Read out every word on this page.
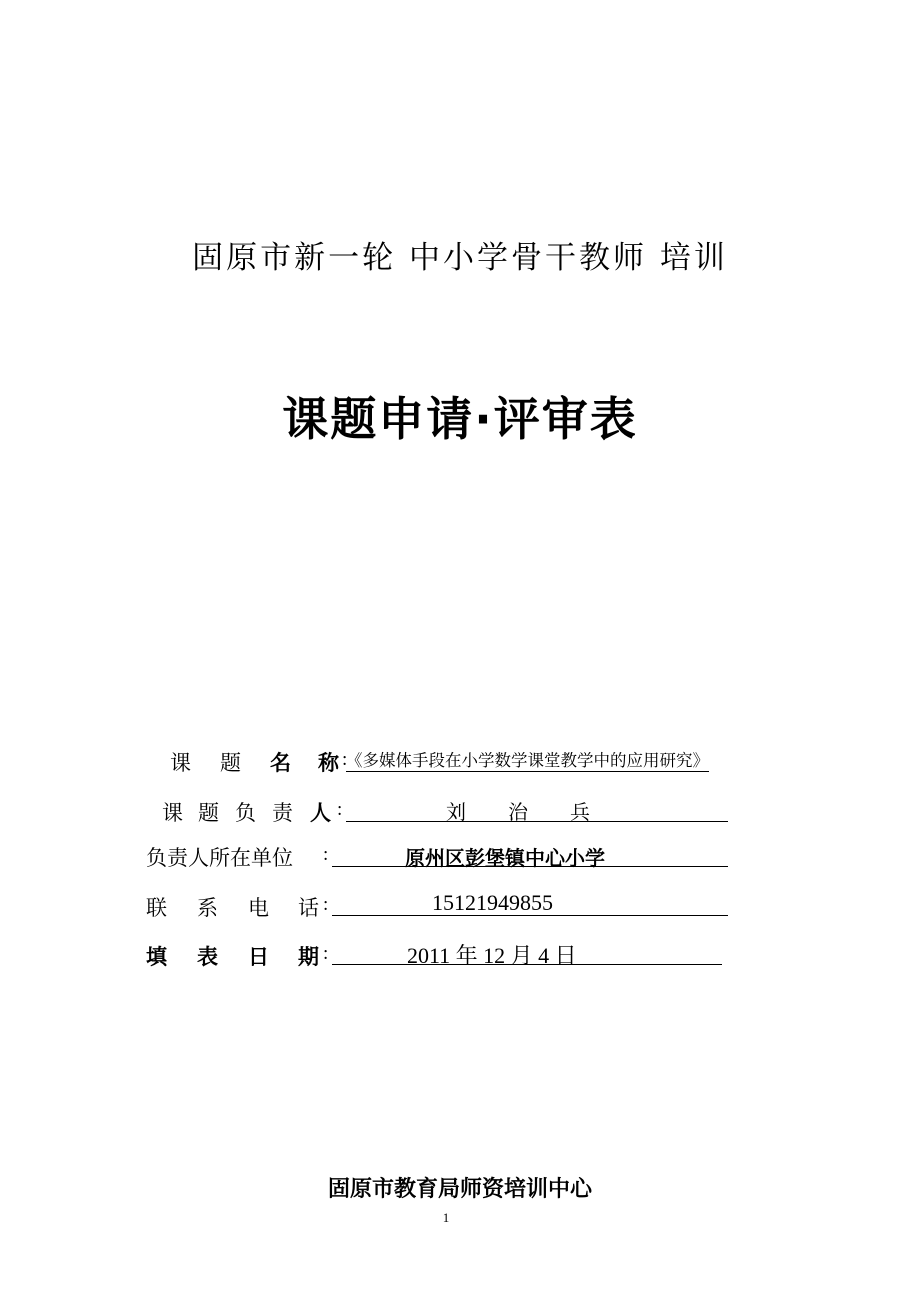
固原市新一轮 中小学骨干教师 培训
课题申请·评审表
课 题 名 称 :
《多媒体手段在小学数学课堂教学中的应用研究》
课 题 负 责 人 :	刘 治 兵
负责人所在单位 :	原州区彭堡镇中心小学
联 系 电 话 :	15121949855
填 表 日 期 :	2011 年 12 月 4 日
固原市教育局师资培训中心
1
